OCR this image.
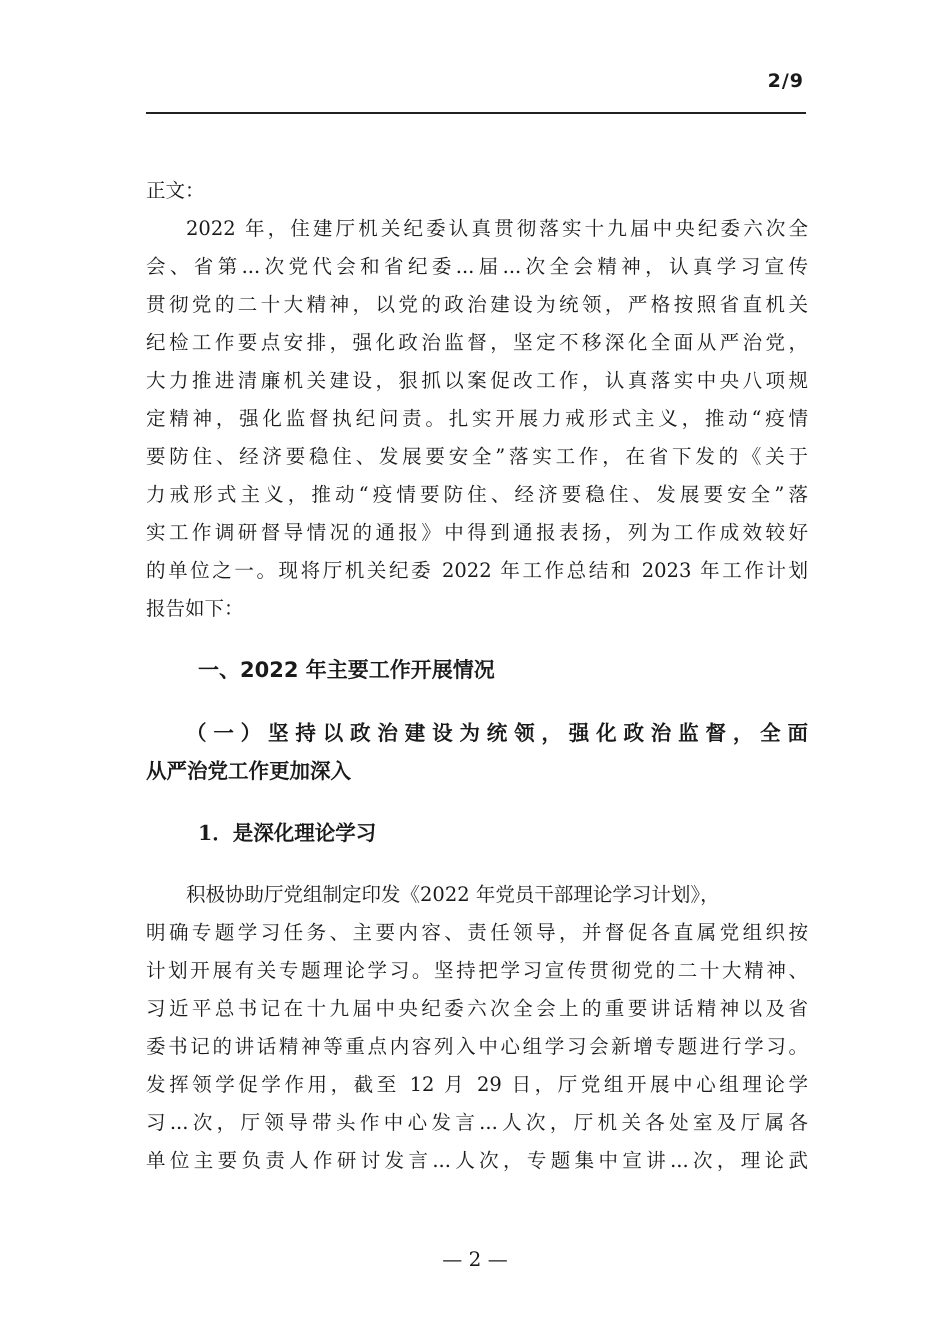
2/9
正文：
2022 年，住建厅机关纪委认真贯彻落实十九届中央纪委六次全
会、省第...次党代会和省纪委...届...次全会精神，认真学习宣传
贯彻党的二十大精神，以党的政治建设为统领，严格按照省直机关
纪检工作要点安排，强化政治监督，坚定不移深化全面从严治党，
大力推进清廉机关建设，狠抓以案促改工作，认真落实中央八项规
定精神，强化监督执纪问责。扎实开展力戒形式主义，推动“疫情
要防住、经济要稳住、发展要安全”落实工作，在省下发的《关于
力戒形式主义，推动“疫情要防住、经济要稳住、发展要安全”落
实工作调研督导情况的通报》中得到通报表扬，列为工作成效较好
的单位之一。现将厅机关纪委 2022 年工作总结和 2023 年工作计划
报告如下：
一、2022 年主要工作开展情况
（一）坚持以政治建设为统领，强化政治监督，全面
从严治党工作更加深入
1．是深化理论学习
积极协助厅党组制定印发《2022 年党员干部理论学习计划》，
明确专题学习任务、主要内容、责任领导，并督促各直属党组织按
计划开展有关专题理论学习。坚持把学习宣传贯彻党的二十大精神、
习近平总书记在十九届中央纪委六次全会上的重要讲话精神以及省
委书记的讲话精神等重点内容列入中心组学习会新增专题进行学习。
发挥领学促学作用，截至 12 月 29 日，厅党组开展中心组理论学
习...次，厅领导带头作中心发言...人次，厅机关各处室及厅属各
单位主要负责人作研讨发言...人次，专题集中宣讲...次，理论武
— 2 —
